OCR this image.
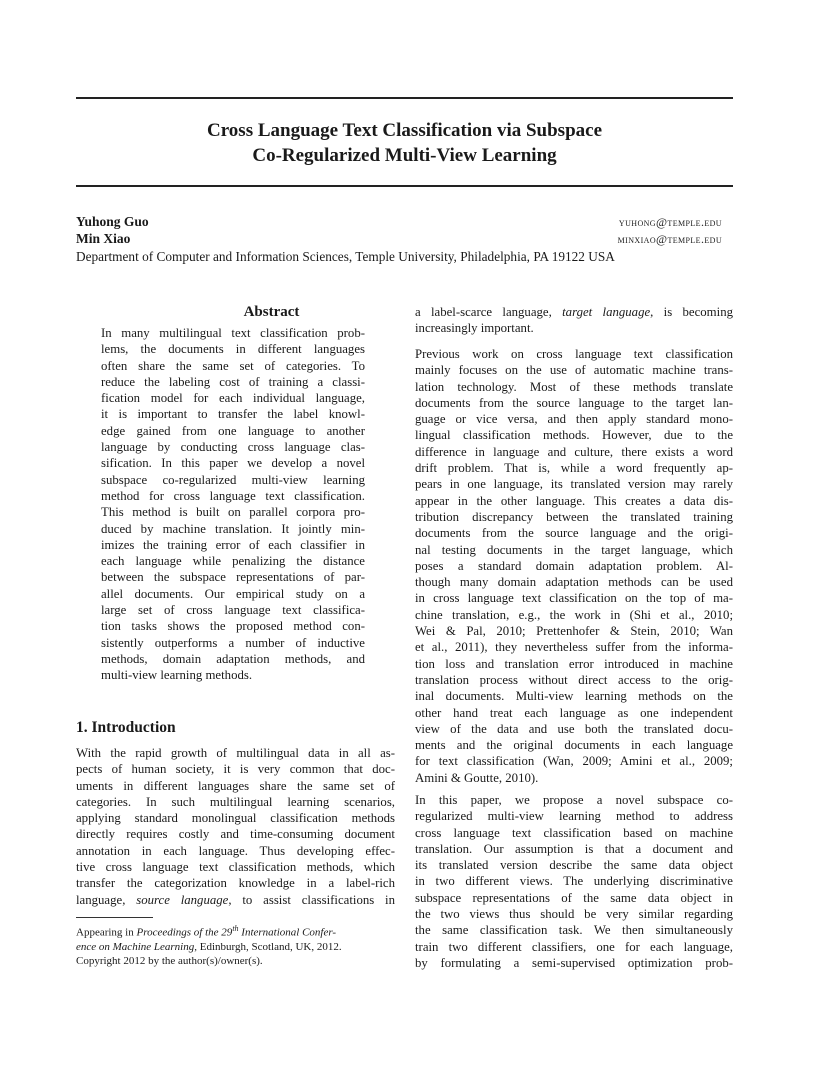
Cross Language Text Classification via Subspace
Co-Regularized Multi-View Learning
Yuhong Guo	yuhong@temple.edu
Min Xiao	minxiao@temple.edu
Department of Computer and Information Sciences, Temple University, Philadelphia, PA 19122 USA
Abstract
In many multilingual text classification prob-
lems, the documents in different languages
often share the same set of categories. To
reduce the labeling cost of training a classi-
fication model for each individual language,
it is important to transfer the label knowl-
edge gained from one language to another
language by conducting cross language clas-
sification. In this paper we develop a novel
subspace co-regularized multi-view learning
method for cross language text classification.
This method is built on parallel corpora pro-
duced by machine translation. It jointly min-
imizes the training error of each classifier in
each language while penalizing the distance
between the subspace representations of par-
allel documents. Our empirical study on a
large set of cross language text classifica-
tion tasks shows the proposed method con-
sistently outperforms a number of inductive
methods, domain adaptation methods, and
multi-view learning methods.
1. Introduction
With the rapid growth of multilingual data in all as-
pects of human society, it is very common that doc-
uments in different languages share the same set of
categories. In such multilingual learning scenarios,
applying standard monolingual classification methods
directly requires costly and time-consuming document
annotation in each language. Thus developing effec-
tive cross language text classification methods, which
transfer the categorization knowledge in a label-rich
language, source language, to assist classifications in
Appearing in Proceedings of the 29th International Confer-
ence on Machine Learning, Edinburgh, Scotland, UK, 2012.
Copyright 2012 by the author(s)/owner(s).
a label-scarce language, target language, is becoming
increasingly important.
Previous work on cross language text classification
mainly focuses on the use of automatic machine trans-
lation technology. Most of these methods translate
documents from the source language to the target lan-
guage or vice versa, and then apply standard mono-
lingual classification methods. However, due to the
difference in language and culture, there exists a word
drift problem. That is, while a word frequently ap-
pears in one language, its translated version may rarely
appear in the other language. This creates a data dis-
tribution discrepancy between the translated training
documents from the source language and the origi-
nal testing documents in the target language, which
poses a standard domain adaptation problem. Al-
though many domain adaptation methods can be used
in cross language text classification on the top of ma-
chine translation, e.g., the work in (Shi et al., 2010;
Wei & Pal, 2010; Prettenhofer & Stein, 2010; Wan
et al., 2011), they nevertheless suffer from the informa-
tion loss and translation error introduced in machine
translation process without direct access to the orig-
inal documents. Multi-view learning methods on the
other hand treat each language as one independent
view of the data and use both the translated docu-
ments and the original documents in each language
for text classification (Wan, 2009; Amini et al., 2009;
Amini & Goutte, 2010).
In this paper, we propose a novel subspace co-
regularized multi-view learning method to address
cross language text classification based on machine
translation. Our assumption is that a document and
its translated version describe the same data object
in two different views. The underlying discriminative
subspace representations of the same data object in
the two views thus should be very similar regarding
the same classification task. We then simultaneously
train two different classifiers, one for each language,
by formulating a semi-supervised optimization prob-
